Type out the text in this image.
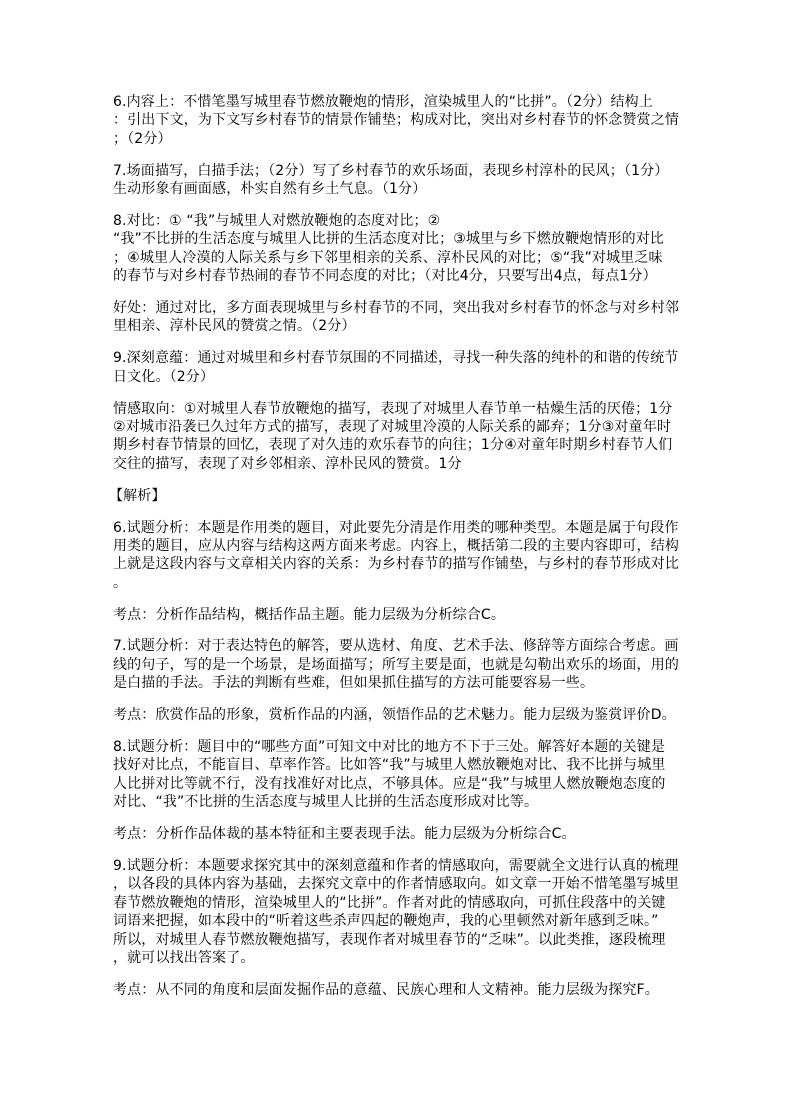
6.内容上：不惜笔墨写城里春节燃放鞭炮的情形，渲染城里人的“比拼”。（2分）结构上
：引出下文，为下文写乡村春节的情景作铺垫；构成对比，突出对乡村春节的怀念赞赏之情
；（2分）
7.场面描写，白描手法；（2分）写了乡村春节的欢乐场面，表现乡村淳朴的民风；（1分）
生动形象有画面感，朴实自然有乡土气息。（1分）
8.对比：① “我”与城里人对燃放鞭炮的态度对比；②
“我”不比拼的生活态度与城里人比拼的生活态度对比；③城里与乡下燃放鞭炮情形的对比
；④城里人冷漠的人际关系与乡下邻里相亲的关系、淳朴民风的对比；⑤“我”对城里乏味
的春节与对乡村春节热闹的春节不同态度的对比；（对比4分，只要写出4点，每点1分）
好处：通过对比，多方面表现城里与乡村春节的不同，突出我对乡村春节的怀念与对乡村邻
里相亲、淳朴民风的赞赏之情。（2分）
9.深刻意蕴：通过对城里和乡村春节氛围的不同描述，寻找一种失落的纯朴的和谐的传统节
日文化。（2分）
情感取向：①对城里人春节放鞭炮的描写，表现了对城里人春节单一枯燥生活的厌倦；1分
②对城市沿袭已久过年方式的描写，表现了对城里冷漠的人际关系的鄙弃；1分③对童年时
期乡村春节情景的回忆，表现了对久违的欢乐春节的向往；1分④对童年时期乡村春节人们
交往的描写，表现了对乡邻相亲、淳朴民风的赞赏。1分
【解析】
6.试题分析：本题是作用类的题目，对此要先分清是作用类的哪种类型。本题是属于句段作
用类的题目，应从内容与结构这两方面来考虑。内容上，概括第二段的主要内容即可，结构
上就是这段内容与文章相关内容的关系：为乡村春节的描写作铺垫，与乡村的春节形成对比
。
考点：分析作品结构，概括作品主题。能力层级为分析综合C。
7.试题分析：对于表达特色的解答，要从选材、角度、艺术手法、修辞等方面综合考虑。画
线的句子，写的是一个场景，是场面描写；所写主要是面，也就是勾勒出欢乐的场面，用的
是白描的手法。手法的判断有些难，但如果抓住描写的方法可能要容易一些。
考点：欣赏作品的形象，赏析作品的内涵，领悟作品的艺术魅力。能力层级为鉴赏评价D。
8.试题分析：题目中的“哪些方面”可知文中对比的地方不下于三处。解答好本题的关键是
找好对比点，不能盲目、草率作答。比如答“我”与城里人燃放鞭炮对比、我不比拼与城里
人比拼对比等就不行，没有找准好对比点，不够具体。应是“我”与城里人燃放鞭炮态度的
对比、“我”不比拼的生活态度与城里人比拼的生活态度形成对比等。
考点：分析作品体裁的基本特征和主要表现手法。能力层级为分析综合C。
9.试题分析：本题要求探究其中的深刻意蕴和作者的情感取向，需要就全文进行认真的梳理
，以各段的具体内容为基础，去探究文章中的作者情感取向。如文章一开始不惜笔墨写城里
春节燃放鞭炮的情形，渲染城里人的“比拼”。作者对此的情感取向，可抓住段落中的关键
词语来把握，如本段中的“听着这些杀声四起的鞭炮声，我的心里顿然对新年感到乏味。”
所以，对城里人春节燃放鞭炮描写，表现作者对城里春节的“乏味”。以此类推，逐段梳理
，就可以找出答案了。
考点：从不同的角度和层面发掘作品的意蕴、民族心理和人文精神。能力层级为探究F。
